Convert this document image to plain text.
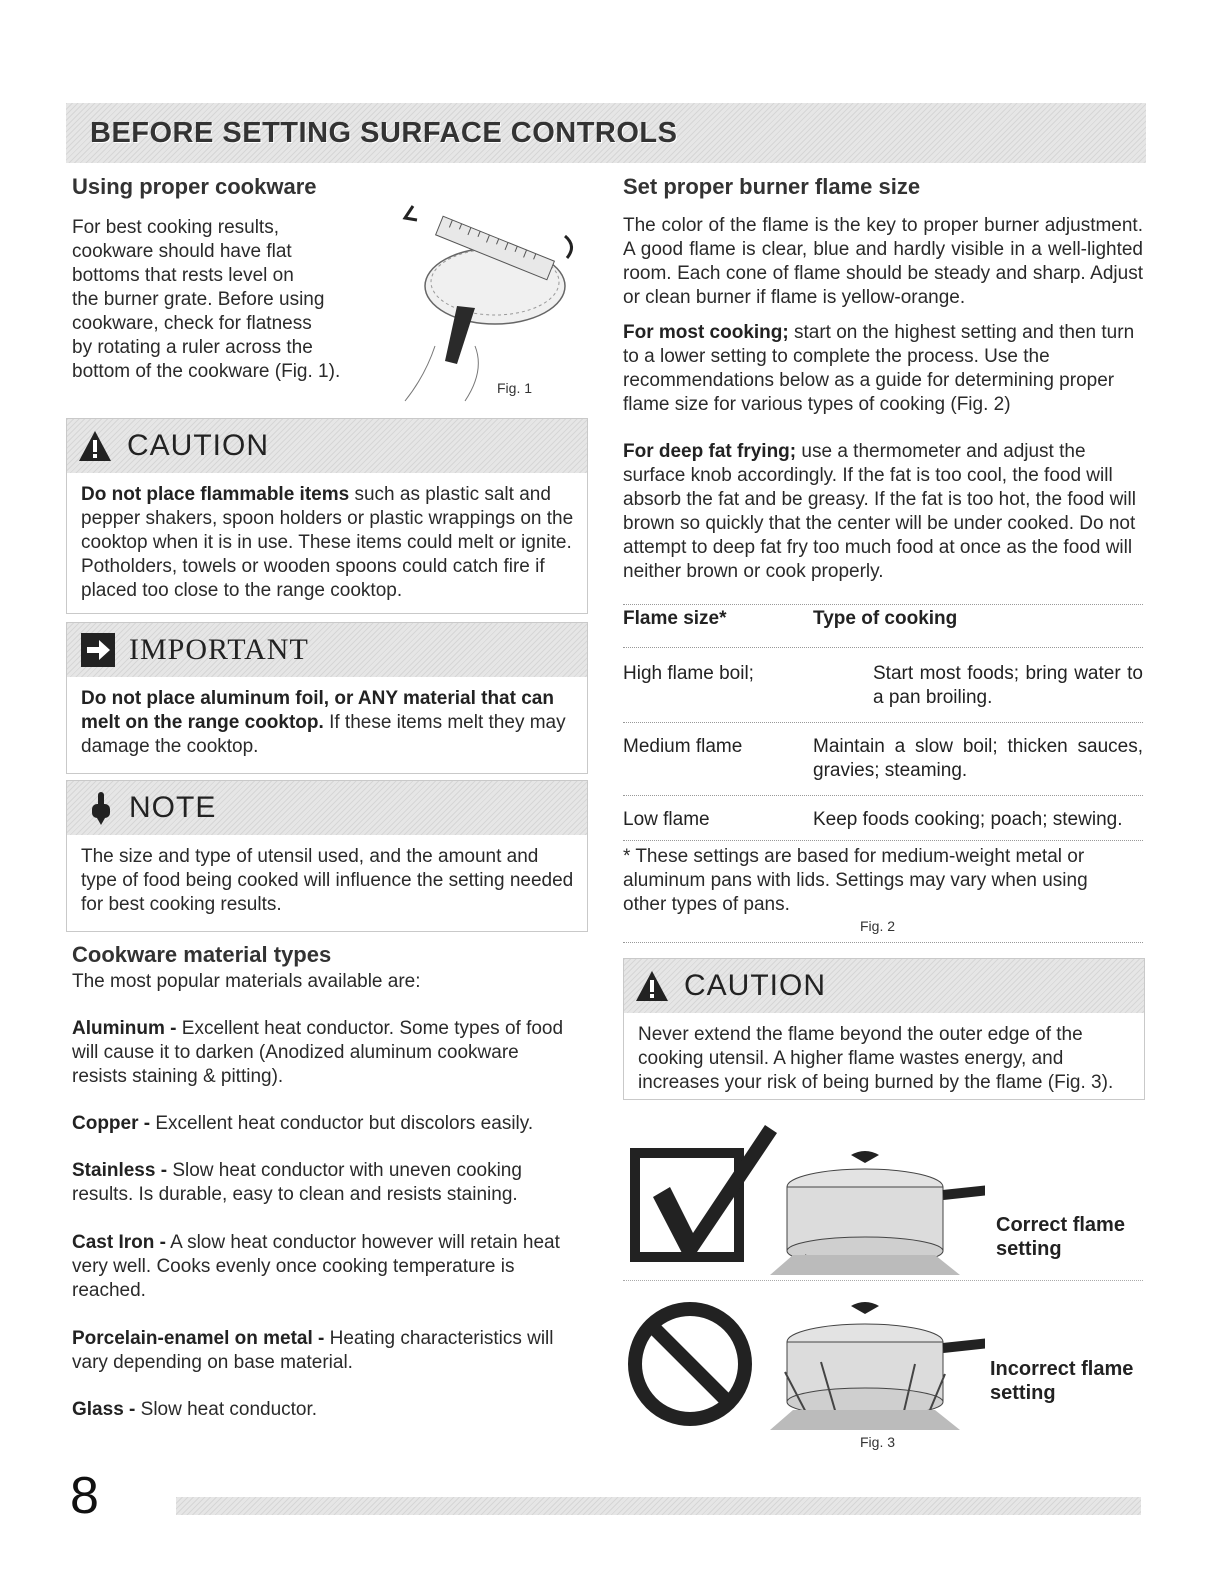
BEFORE SETTING SURFACE CONTROLS
Using proper cookware
For best cooking results,
cookware should have flat
bottoms that rests level on
the burner grate. Before using
cookware, check for flatness
by rotating a ruler across the
bottom of the cookware (Fig. 1).
Fig. 1
CAUTION
Do not place flammable items such as plastic salt and pepper shakers, spoon holders or plastic wrappings on the cooktop when it is in use. These items could melt or ignite. Potholders, towels or wooden spoons could catch fire if placed too close to the range cooktop.
IMPORTANT
Do not place aluminum foil, or ANY material that can melt on the range cooktop. If these items melt they may damage the cooktop.
NOTE
The size and type of utensil used, and the amount and type of food being cooked will influence the setting needed for best cooking results.
Cookware material types
The most popular materials available are:
Aluminum - Excellent heat conductor. Some types of food will cause it to darken (Anodized aluminum cookware resists staining & pitting).
Copper - Excellent heat conductor but discolors easily.
Stainless - Slow heat conductor with uneven cooking results. Is durable, easy to clean and resists staining.
Cast Iron - A slow heat conductor however will retain heat very well. Cooks evenly once cooking temperature is reached.
Porcelain-enamel on metal - Heating characteristics will vary depending on base material.
Glass - Slow heat conductor.
Set proper burner flame size
The color of the flame is the key to proper burner adjustment. A good flame is clear, blue and hardly visible in a well-lighted room. Each cone of flame should be steady and sharp. Adjust or clean burner if flame is yellow-orange.
For most cooking; start on the highest setting and then turn to a lower setting to complete the process. Use the recommendations below as a guide for determining proper flame size for various types of cooking (Fig. 2)
For deep fat frying; use a thermometer and adjust the surface knob accordingly. If the fat is too cool, the food will absorb the fat and be greasy. If the fat is too hot, the food will brown so quickly that the center will be under cooked. Do not attempt to deep fat fry too much food at once as the food will neither brown or cook properly.
Flame size*	Type of cooking
High flame boil;	Start most foods; bring water to a pan broiling.
Medium flame	Maintain a slow boil; thicken sauces, gravies; steaming.
Low flame	Keep foods cooking; poach; stewing.
* These settings are based for medium-weight metal or aluminum pans with lids. Settings may vary when using other types of pans.
Fig. 2
CAUTION
Never extend the flame beyond the outer edge of the cooking utensil. A higher flame wastes energy, and increases your risk of being burned by the flame (Fig. 3).
Correct flame setting
Incorrect flame setting
Fig. 3
8
